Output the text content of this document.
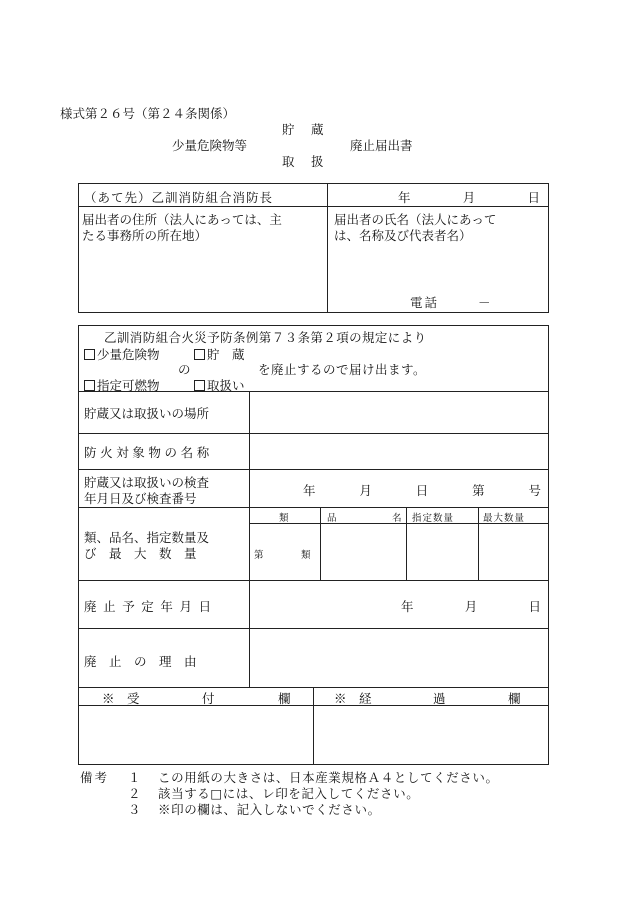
様式第２６号（第２４条関係）
貯　蔵
少量危険物等	廃止届出書
取　扱
（あて先）乙訓消防組合消防長	年	月	日
届出者の住所（法人にあっては、主
たる事務所の所在地）
届出者の氏名（法人にあって
は、名称及び代表者名）
電話	－
乙訓消防組合火災予防条例第７３条第２項の規定により
少量危険物	貯　蔵
の	を廃止するので届け出ます。
指定可燃物	取扱い
貯蔵又は取扱いの場所
防火対象物の名称
貯蔵又は取扱いの検査
年月日及び検査番号
年	月	日	第	号
類、品名、指定数量及
び　最　大　数　量
類	品	名 指定数量	最大数量
第	類
廃止予定年月日	年	月	日
廃　止　の　理　由
※　受	付	欄	※　経	過	欄
備考 １ この用紙の大きさは、日本産業規格Ａ４としてください。
２ 該当する□には、レ印を記入してください。
３ ※印の欄は、記入しないでください。
